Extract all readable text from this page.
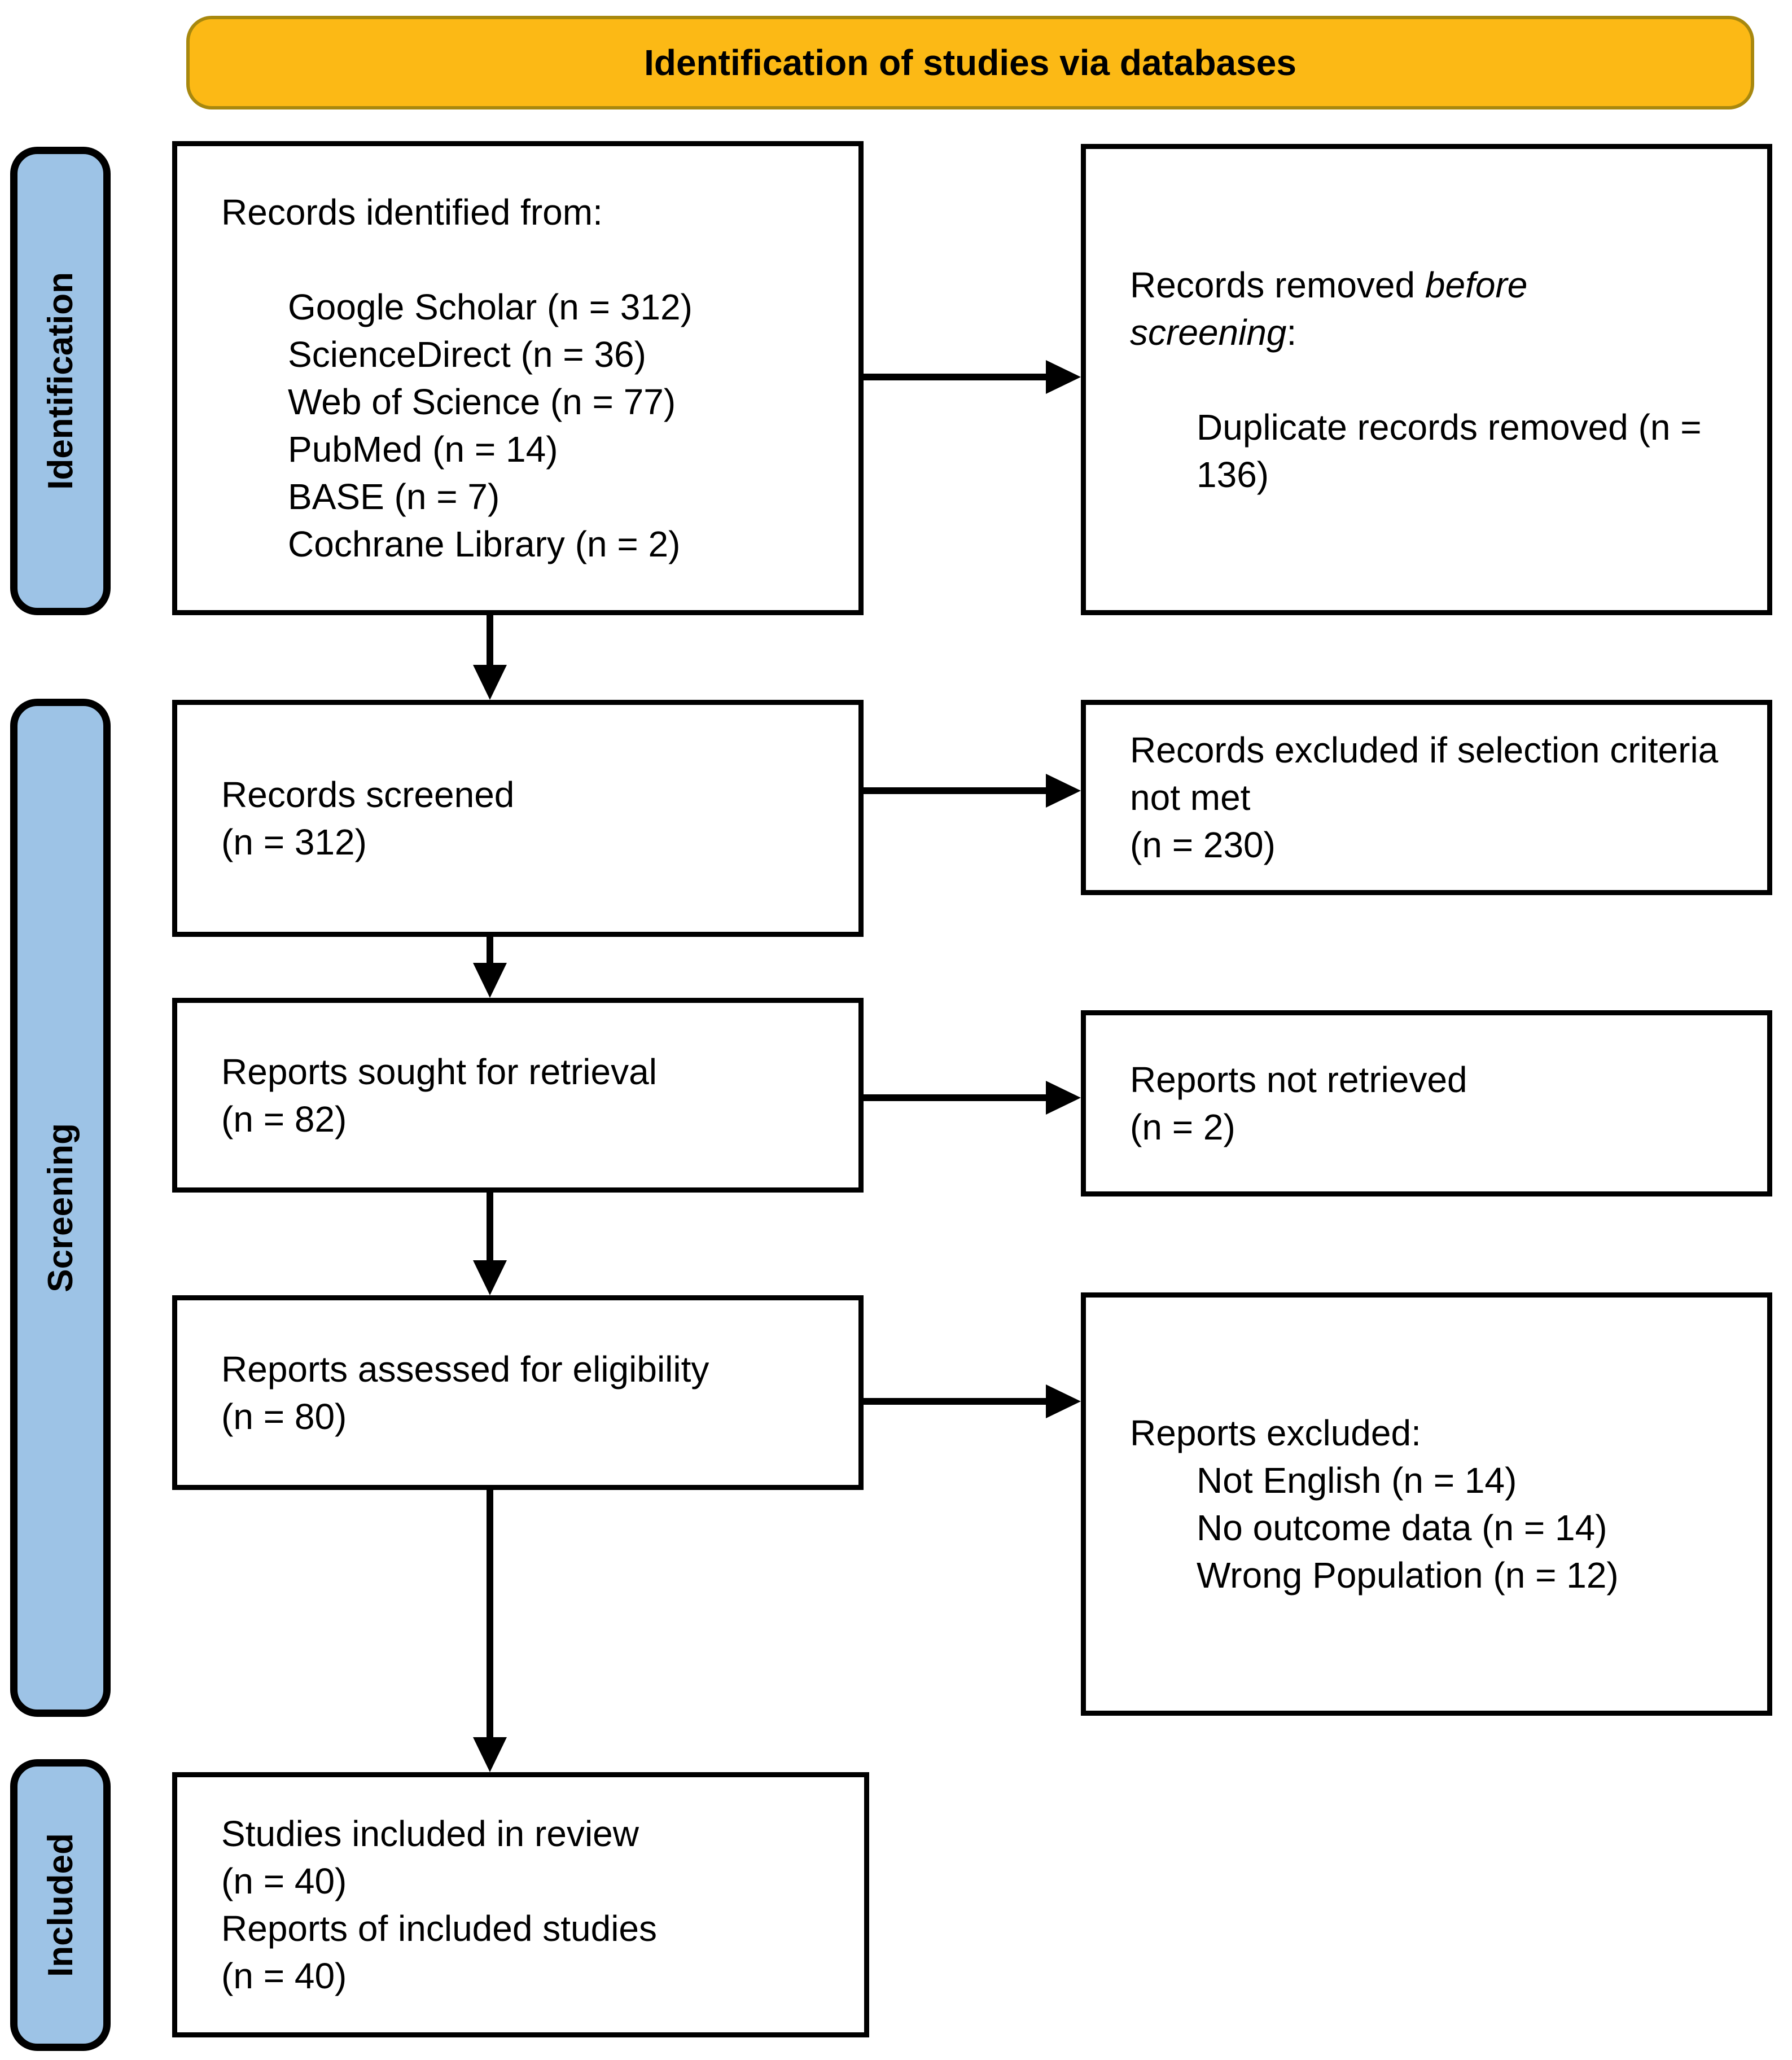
Identification of studies via databases
Identification
Screening
Included

Records identified from:

Google Scholar (n = 312)

ScienceDirect (n = 36)

Web of Science (n = 77)

PubMed (n = 14)

BASE (n = 7)

Cochrane Library (n = 2)

Records removed before screening:

Duplicate records removed (n = 136)

Records screened

(n = 312)

Records excluded if selection criteria not met

(n = 230)

Reports sought for retrieval

(n = 82)

Reports not retrieved

(n = 2)

Reports assessed for eligibility

(n = 80)	Reports excluded:

Not English (n = 14)

No outcome data (n = 14)

Wrong Population (n = 12)

Studies included in review

(n = 40)

Reports of included studies

(n = 40)
